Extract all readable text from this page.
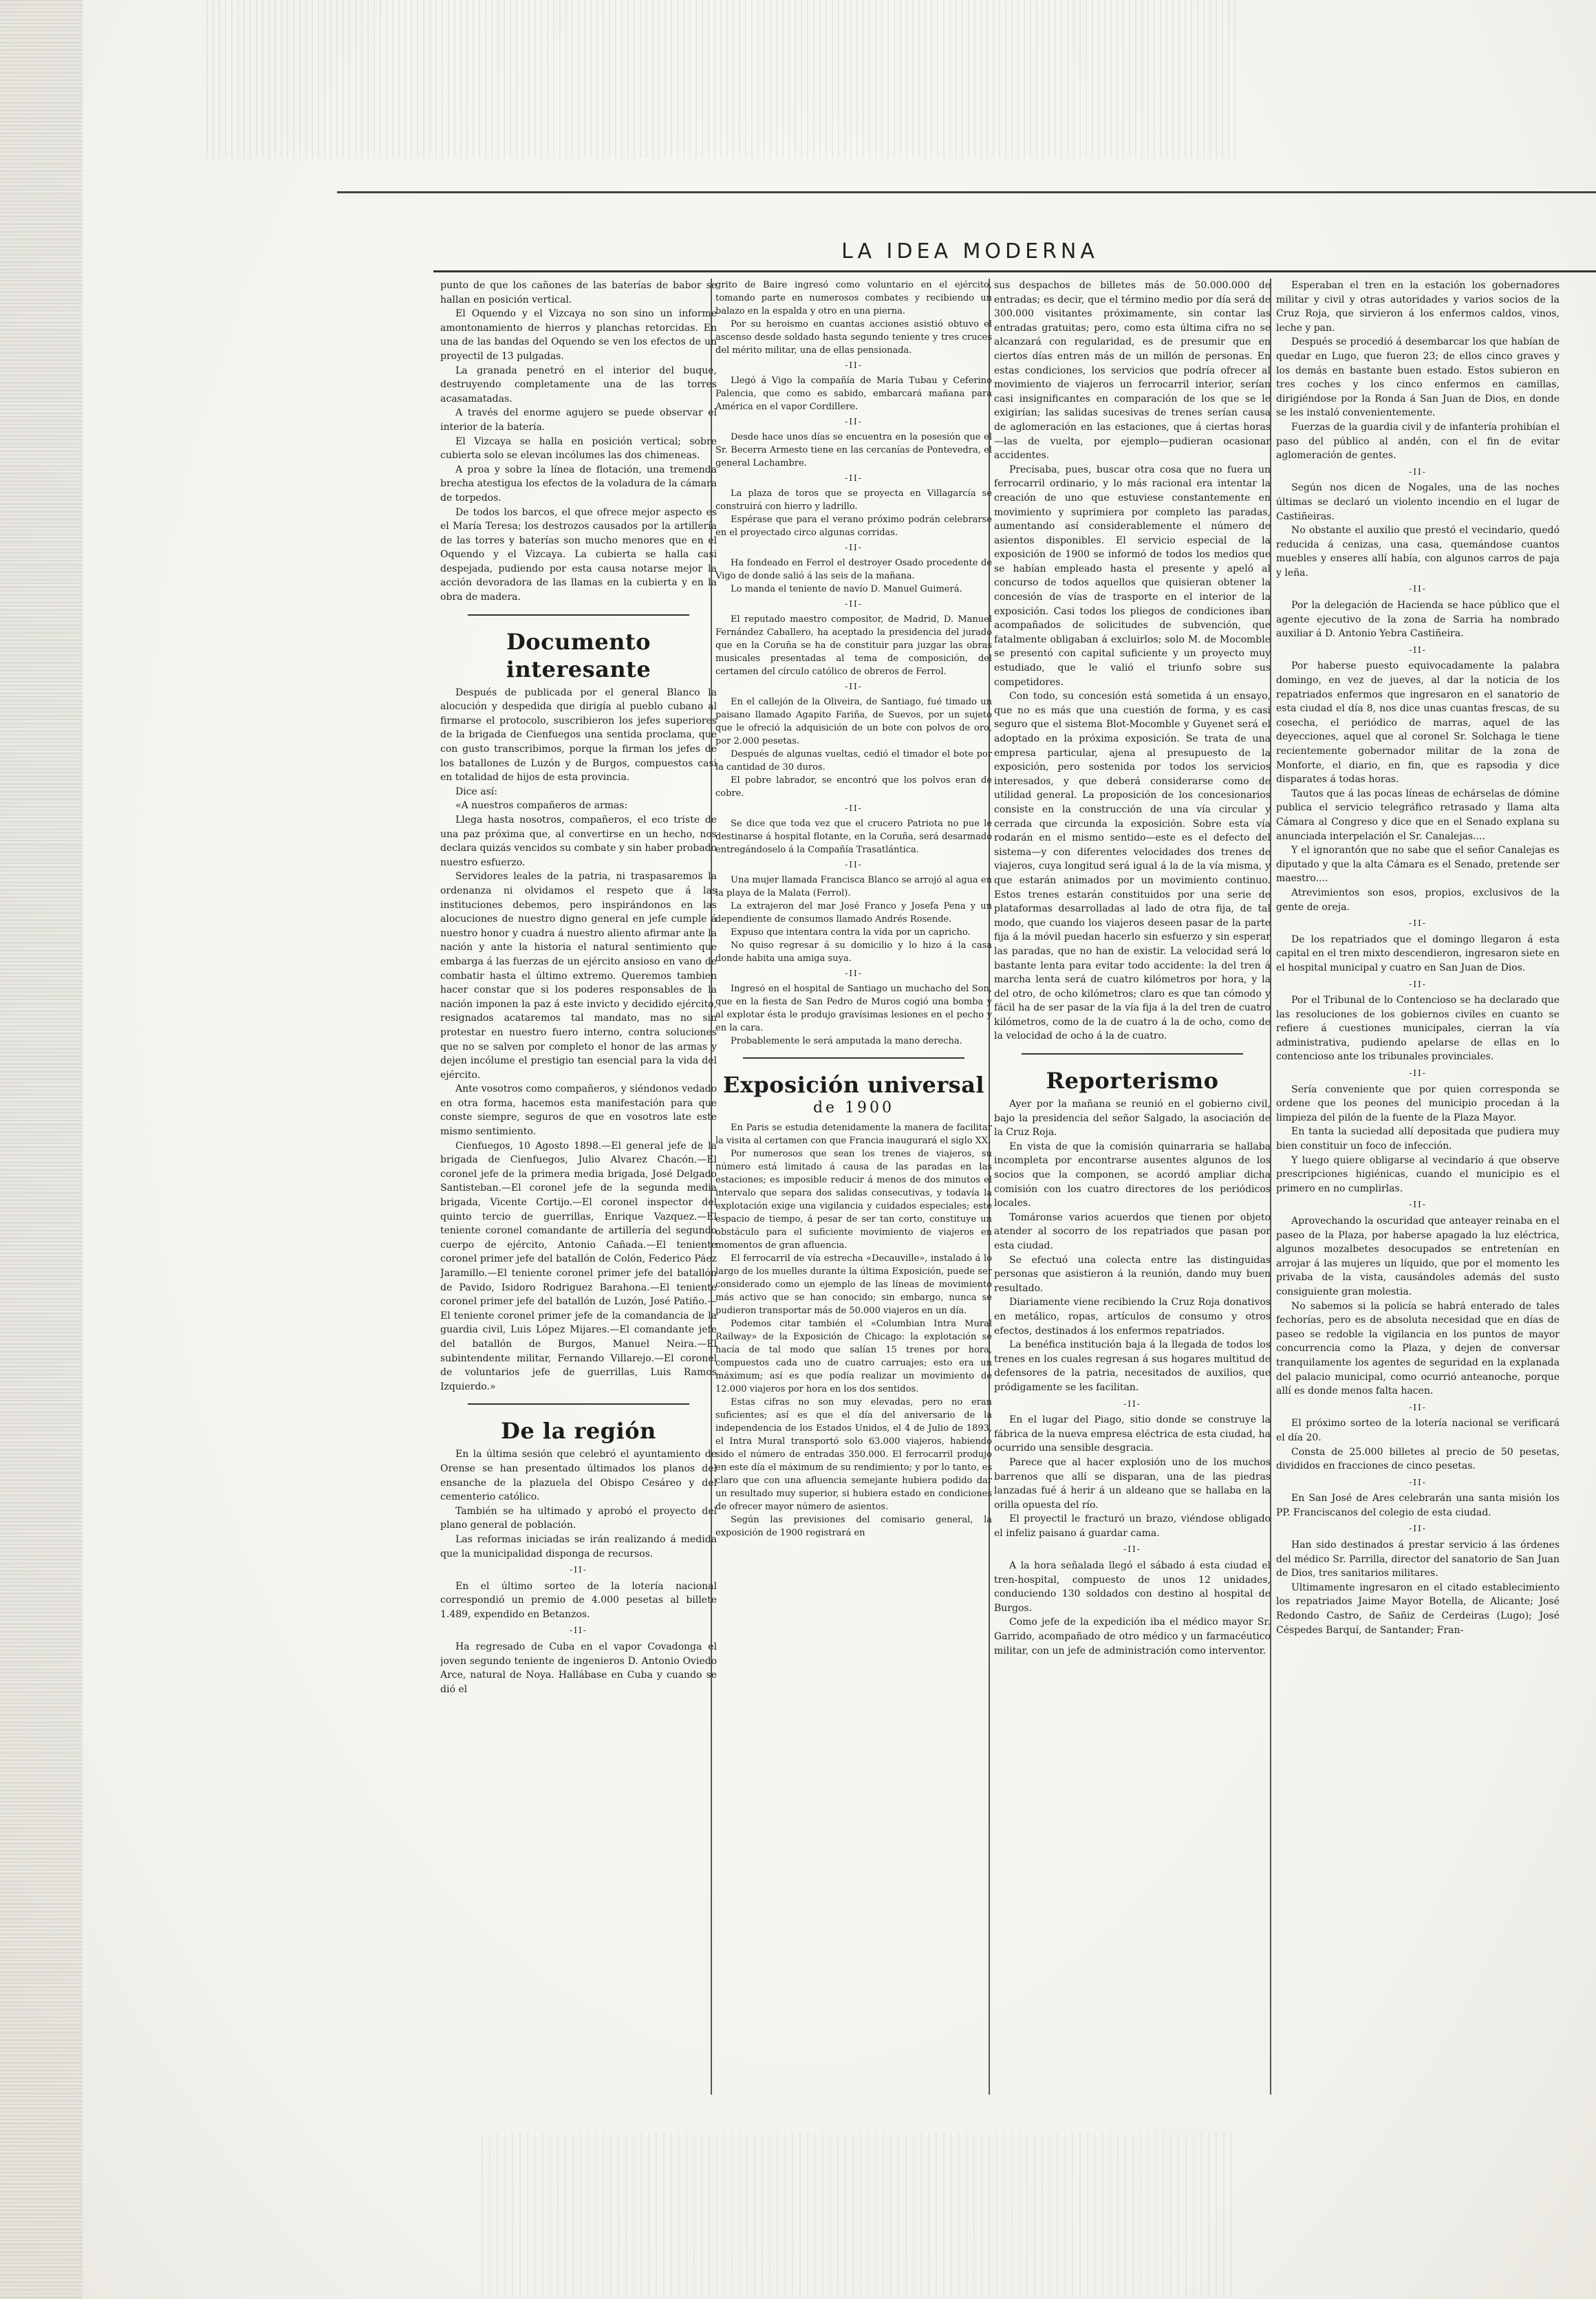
LA IDEA MODERNA

punto de que los cañones de las baterías de babor se hallan en posición vertical.

El Oquendo y el Vizcaya no son sino un informe amontonamiento de hierros y planchas retorcidas. En una de las bandas del Oquendo se ven los efectos de un proyectil de 13 pulgadas.

La granada penetró en el interior del buque, destruyendo completamente una de las torres acasamatadas.

A través del enorme agujero se puede observar el interior de la batería.

El Vizcaya se halla en posición vertical; sobre cubierta solo se elevan incólumes las dos chimeneas.

A proa y sobre la línea de flotación, una tremenda brecha atestigua los efectos de la voladura de la cámara de torpedos.

De todos los barcos, el que ofrece mejor aspecto es el María Teresa; los destrozos causados por la artillería de las torres y baterías son mucho menores que en el Oquendo y el Vizcaya. La cubierta se halla casi despejada, pudiendo por esta causa notarse mejor la acción devoradora de las llamas en la cubierta y en la obra de madera.

Documento interesante

Después de publicada por el general Blanco la alocución y despedida que dirigía al pueblo cubano al firmarse el protocolo, suscribieron los jefes superiores de la brigada de Cienfuegos una sentida proclama, que con gusto transcribimos, porque la firman los jefes de los batallones de Luzón y de Burgos, compuestos casi en totalidad de hijos de esta provincia.

Dice así:

«A nuestros compañeros de armas:

Llega hasta nosotros, compañeros, el eco triste de una paz próxima que, al convertirse en un hecho, nos declara quizás vencidos su combate y sin haber probado nuestro esfuerzo.

Servidores leales de la patria, ni traspasaremos la ordenanza ni olvidamos el respeto que á las instituciones debemos, pero inspirándonos en las alocuciones de nuestro digno general en jefe cumple á nuestro honor y cuadra á nuestro aliento afirmar ante la nación y ante la historia el natural sentimiento que embarga á las fuerzas de un ejército ansioso en vano de combatir hasta el último extremo. Queremos tambien hacer constar que si los poderes responsables de la nación imponen la paz á este invicto y decidido ejército, resignados acataremos tal mandato, mas no sin protestar en nuestro fuero interno, contra soluciones que no se salven por completo el honor de las armas y dejen incólume el prestigio tan esencial para la vida del ejército.

Ante vosotros como compañeros, y siéndonos vedado en otra forma, hacemos esta manifestación para que conste siempre, seguros de que en vosotros late este mismo sentimiento.

Cienfuegos, 10 Agosto 1898.—El general jefe de la brigada de Cienfuegos, Julio Alvarez Chacón.—El coronel jefe de la primera media brigada, José Delgado Santisteban.—El coronel jefe de la segunda media brigada, Vicente Cortijo.—El coronel inspector del quinto tercio de guerrillas, Enrique Vazquez.—El teniente coronel comandante de artillería del segundo cuerpo de ejército, Antonio Cañada.—El teniente coronel primer jefe del batallón de Colón, Federico Páez Jaramillo.—El teniente coronel primer jefe del batallón de Pavido, Isidoro Rodriguez Barahona.—El teniente coronel primer jefe del batallón de Luzón, José Patiño.—El teniente coronel primer jefe de la comandancia de la guardia civil, Luis López Mijares.—El comandante jefe del batallón de Burgos, Manuel Neira.—El subintendente militar, Fernando Villarejo.—El coronel de voluntarios jefe de guerrillas, Luis Ramos Izquierdo.»

De la región

En la última sesión que celebró el ayuntamiento de Orense se han presentado últimados los planos del ensanche de la plazuela del Obispo Cesáreo y del cementerio católico.

También se ha ultimado y aprobó el proyecto del plano general de población.

Las reformas iniciadas se irán realizando á medida que la municipalidad disponga de recursos.

-II-

En el último sorteo de la lotería nacional correspondió un premio de 4.000 pesetas al billete 1.489, expendido en Betanzos.

-II-

Ha regresado de Cuba en el vapor Covadonga el joven segundo teniente de ingenieros D. Antonio Oviedo Arce, natural de Noya. Hallábase en Cuba y cuando se dió el

grito de Baire ingresó como voluntario en el ejército, tomando parte en numerosos combates y recibiendo un balazo en la espalda y otro en una pierna.

Por su heroismo en cuantas acciones asistió obtuvo el ascenso desde soldado hasta segundo teniente y tres cruces del mérito militar, una de ellas pensionada.

-II-

Llegó á Vigo la compañía de María Tubau y Ceferino Palencia, que como es sabido, embarcará mañana para América en el vapor Cordillere.

-II-

Desde hace unos días se encuentra en la posesión que el Sr. Becerra Armesto tiene en las cercanías de Pontevedra, el general Lachambre.

-II-

La plaza de toros que se proyecta en Villagarcía se construirá con hierro y ladrillo.

Espérase que para el verano próximo podrán celebrarse en el proyectado circo algunas corridas.

-II-

Ha fondeado en Ferrol el destroyer Osado procedente de Vigo de donde salió á las seis de la mañana.

Lo manda el teniente de navío D. Manuel Guimerá.

-II-

El reputado maestro compositor, de Madrid, D. Manuel Fernández Caballero, ha aceptado la presidencia del jurado que en la Coruña se ha de constituir para juzgar las obras musicales presentadas al tema de composición, del certamen del círculo católico de obreros de Ferrol.

-II-

En el callejón de la Oliveira, de Santiago, fué timado un paisano llamado Agapito Fariña, de Suevos, por un sujeto que le ofreció la adquisición de un bote con polvos de oro, por 2.000 pesetas.

Después de algunas vueltas, cedió el timador el bote por la cantidad de 30 duros.

El pobre labrador, se encontró que los polvos eran de cobre.

-II-

Se dice que toda vez que el crucero Patriota no pue le destinarse á hospital flotante, en la Coruña, será desarmado entregándoselo á la Compañía Trasatlántica.

-II-

Una mujer llamada Francisca Blanco se arrojó al agua en la playa de la Malata (Ferrol).

La extrajeron del mar José Franco y Josefa Pena y un dependiente de consumos llamado Andrés Rosende.

Expuso que intentara contra la vida por un capricho.

No quiso regresar á su domicilio y lo hizo á la casa donde habita una amiga suya.

-II-

Ingresó en el hospital de Santiago un muchacho del Son, que en la fiesta de San Pedro de Muros cogió una bomba y al explotar ésta le produjo gravísimas lesiones en el pecho y en la cara.

Probablemente le será amputada la mano derecha.

Exposición universal
de 1900

En Paris se estudia detenidamente la manera de facilitar la visita al certamen con que Francia inaugurará el siglo XX.

Por numerosos que sean los trenes de viajeros, su número está limitado á causa de las paradas en las estaciones; es imposible reducir á menos de dos minutos el intervalo que separa dos salidas consecutivas, y todavía la explotación exige una vigilancia y cuidados especiales; este espacio de tiempo, á pesar de ser tan corto, constituye un obstáculo para el suficiente movimiento de viajeros en momentos de gran afluencia.

El ferrocarril de vía estrecha «Decauville», instalado á lo largo de los muelles durante la última Exposición, puede ser considerado como un ejemplo de las líneas de movimiento más activo que se han conocido; sin embargo, nunca se pudieron transportar más de 50.000 viajeros en un día.

Podemos citar también el «Columbian Intra Mural Railway» de la Exposición de Chicago: la explotación se hacía de tal modo que salían 15 trenes por hora, compuestos cada uno de cuatro carruajes; esto era un máximum; así es que podía realizar un movimiento de 12.000 viajeros por hora en los dos sentidos.

Estas cifras no son muy elevadas, pero no eran suficientes; así es que el día del aniversario de la independencia de los Estados Unidos, el 4 de Julio de 1893, el Intra Mural transportó solo 63.000 viajeros, habiendo sido el número de entradas 350.000. El ferrocarril produjo en este día el máximum de su rendimiento; y por lo tanto, es claro que con una afluencia semejante hubiera podido dar un resultado muy superior, si hubiera estado en condiciones de ofrecer mayor número de asientos.

Según las previsiones del comisario general, la exposición de 1900 registrará en

sus despachos de billetes más de 50.000.000 de entradas; es decir, que el término medio por día será de 300.000 visitantes próximamente, sin contar las entradas gratuitas; pero, como esta última cifra no se alcanzará con regularidad, es de presumir que en ciertos días entren más de un millón de personas. En estas condiciones, los servicios que podría ofrecer al movimiento de viajeros un ferrocarril interior, serían casi insignificantes en comparación de los que se le exigirían; las salidas sucesivas de trenes serían causa de aglomeración en las estaciones, que á ciertas horas—las de vuelta, por ejemplo—pudieran ocasionar accidentes.

Precisaba, pues, buscar otra cosa que no fuera un ferrocarril ordinario, y lo más racional era intentar la creación de uno que estuviese constantemente en movimiento y suprimiera por completo las paradas, aumentando así considerablemente el número de asientos disponibles. El servicio especial de la exposición de 1900 se informó de todos los medios que se habían empleado hasta el presente y apeló al concurso de todos aquellos que quisieran obtener la concesión de vías de trasporte en el interior de la exposición. Casi todos los pliegos de condiciones iban acompañados de solicitudes de subvención, que fatalmente obligaban á excluirlos; solo M. de Mocomble se presentó con capital suficiente y un proyecto muy estudiado, que le valió el triunfo sobre sus competidores.

Con todo, su concesión está sometida á un ensayo, que no es más que una cuestión de forma, y es casi seguro que el sistema Blot-Mocomble y Guyenet será el adoptado en la próxima exposición. Se trata de una empresa particular, ajena al presupuesto de la exposición, pero sostenida por todos los servicios interesados, y que deberá considerarse como de utilidad general. La proposición de los concesionarios consiste en la construcción de una vía circular y cerrada que circunda la exposición. Sobre esta vía rodarán en el mismo sentido—este es el defecto del sistema—y con diferentes velocidades dos trenes de viajeros, cuya longitud será igual á la de la vía misma, y que estarán animados por un movimiento continuo. Estos trenes estarán constituidos por una serie de plataformas desarrolladas al lado de otra fija, de tal modo, que cuando los viajeros deseen pasar de la parte fija á la móvil puedan hacerlo sin esfuerzo y sin esperar las paradas, que no han de existir. La velocidad será lo bastante lenta para evitar todo accidente: la del tren á marcha lenta será de cuatro kilómetros por hora, y la del otro, de ocho kilómetros; claro es que tan cómodo y fácil ha de ser pasar de la vía fija á la del tren de cuatro kilómetros, como de la de cuatro á la de ocho, como de la velocidad de ocho á la de cuatro.

Reporterismo

Ayer por la mañana se reunió en el gobierno civil, bajo la presidencia del señor Salgado, la asociación de la Cruz Roja.

En vista de que la comisión quinarraria se hallaba incompleta por encontrarse ausentes algunos de los socios que la componen, se acordó ampliar dicha comisión con los cuatro directores de los periódicos locales.

Tomáronse varios acuerdos que tienen por objeto atender al socorro de los repatriados que pasan por esta ciudad.

Se efectuó una colecta entre las distinguidas personas que asistieron á la reunión, dando muy buen resultado.

Diariamente viene recibiendo la Cruz Roja donativos en metálico, ropas, artículos de consumo y otros efectos, destinados á los enfermos repatriados.

La benéfica institución baja á la llegada de todos los trenes en los cuales regresan á sus hogares multitud de defensores de la patria, necesitados de auxilios, que pródigamente se les facilitan.

-II-

En el lugar del Piago, sitio donde se construye la fábrica de la nueva empresa eléctrica de esta ciudad, ha ocurrido una sensible desgracia.

Parece que al hacer explosión uno de los muchos barrenos que allí se disparan, una de las piedras lanzadas fué á herir á un aldeano que se hallaba en la orilla opuesta del río.

El proyectil le fracturó un brazo, viéndose obligado el infeliz paisano á guardar cama.

-II-

A la hora señalada llegó el sábado á esta ciudad el tren-hospital, compuesto de unos 12 unidades, conduciendo 130 soldados con destino al hospital de Burgos.

Como jefe de la expedición iba el médico mayor Sr. Garrido, acompañado de otro médico y un farmacéutico militar, con un jefe de administración como interventor.

Esperaban el tren en la estación los gobernadores militar y civil y otras autoridades y varios socios de la Cruz Roja, que sirvieron á los enfermos caldos, vinos, leche y pan.

Después se procedió á desembarcar los que habían de quedar en Lugo, que fueron 23; de ellos cinco graves y los demás en bastante buen estado. Estos subieron en tres coches y los cinco enfermos en camillas, dirigiéndose por la Ronda á San Juan de Dios, en donde se les instaló convenientemente.

Fuerzas de la guardia civil y de infantería prohibían el paso del público al andén, con el fin de evitar aglomeración de gentes.

-II-

Según nos dicen de Nogales, una de las noches últimas se declaró un violento incendio en el lugar de Castiñeiras.

No obstante el auxilio que prestó el vecindario, quedó reducida á cenizas, una casa, quemándose cuantos muebles y enseres allí había, con algunos carros de paja y leña.

-II-

Por la delegación de Hacienda se hace público que el agente ejecutivo de la zona de Sarria ha nombrado auxiliar á D. Antonio Yebra Castiñeira.

-II-

Por haberse puesto equivocadamente la palabra domingo, en vez de jueves, al dar la noticia de los repatriados enfermos que ingresaron en el sanatorio de esta ciudad el día 8, nos dice unas cuantas frescas, de su cosecha, el periódico de marras, aquel de las deyecciones, aquel que al coronel Sr. Solchaga le tiene recientemente gobernador militar de la zona de Monforte, el diario, en fin, que es rapsodia y dice disparates á todas horas.

Tautos que á las pocas líneas de echárselas de dómine publica el servicio telegráfico retrasado y llama alta Cámara al Congreso y dice que en el Senado explana su anunciada interpelación el Sr. Canalejas....

Y el ignorantón que no sabe que el señor Canalejas es diputado y que la alta Cámara es el Senado, pretende ser maestro....

Atrevimientos son esos, propios, exclusivos de la gente de oreja.

-II-

De los repatriados que el domingo llegaron á esta capital en el tren mixto descendieron, ingresaron siete en el hospital municipal y cuatro en San Juan de Dios.

-II-

Por el Tribunal de lo Contencioso se ha declarado que las resoluciones de los gobiernos civiles en cuanto se refiere á cuestiones municipales, cierran la vía administrativa, pudiendo apelarse de ellas en lo contencioso ante los tribunales provinciales.

-II-

Sería conveniente que por quien corresponda se ordene que los peones del municipio procedan á la limpieza del pilón de la fuente de la Plaza Mayor.

En tanta la suciedad allí depositada que pudiera muy bien constituir un foco de infección.

Y luego quiere obligarse al vecindario á que observe prescripciones higiénicas, cuando el municipio es el primero en no cumplirlas.

-II-

Aprovechando la oscuridad que anteayer reinaba en el paseo de la Plaza, por haberse apagado la luz eléctrica, algunos mozalbetes desocupados se entretenían en arrojar á las mujeres un líquido, que por el momento les privaba de la vista, causándoles además del susto consiguiente gran molestia.

No sabemos si la policía se habrá enterado de tales fechorías, pero es de absoluta necesidad que en días de paseo se redoble la vigilancia en los puntos de mayor concurrencia como la Plaza, y dejen de conversar tranquilamente los agentes de seguridad en la explanada del palacio municipal, como ocurrió anteanoche, porque allí es donde menos falta hacen.

-II-

El próximo sorteo de la lotería nacional se verificará el día 20.

Consta de 25.000 billetes al precio de 50 pesetas, divididos en fracciones de cinco pesetas.

-II-

En San José de Ares celebrarán una santa misión los PP. Franciscanos del colegio de esta ciudad.

-II-

Han sido destinados á prestar servicio á las órdenes del médico Sr. Parrilla, director del sanatorio de San Juan de Dios, tres sanitarios militares.

Ultimamente ingresaron en el citado establecimiento los repatriados Jaime Mayor Botella, de Alicante; José Redondo Castro, de Sañiz de Cerdeiras (Lugo); José Céspedes Barquí, de Santander; Fran-
